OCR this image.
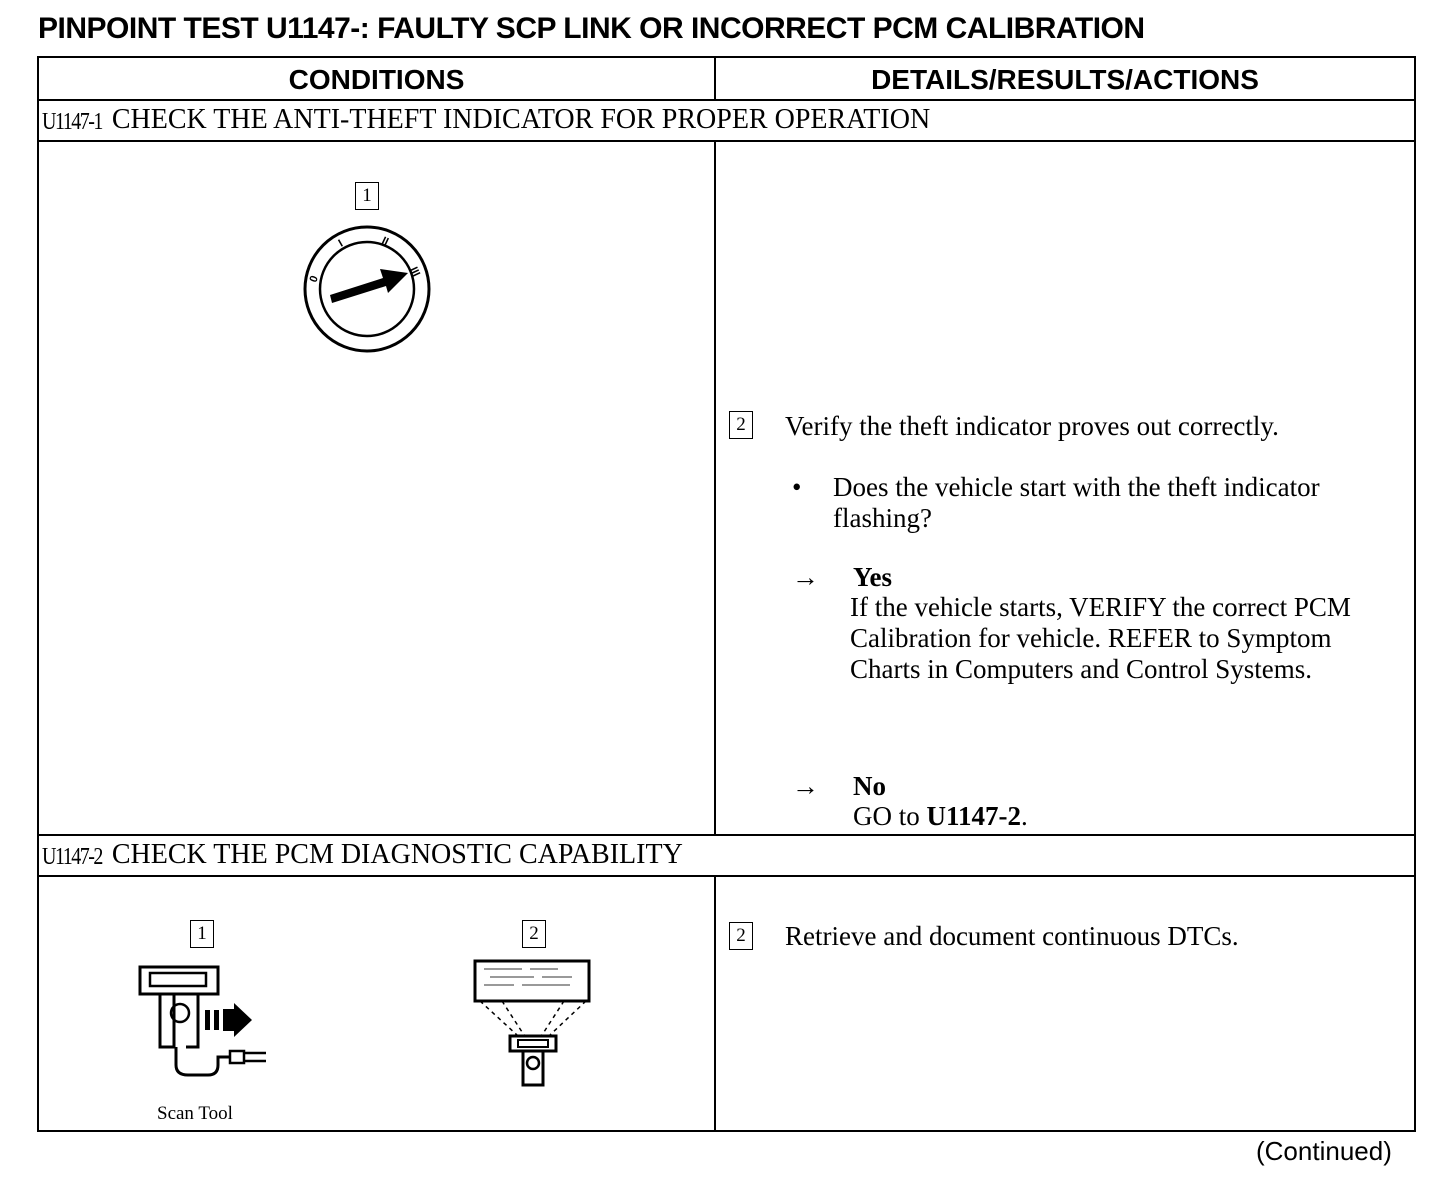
PINPOINT TEST U1147-: FAULTY SCP LINK OR INCORRECT PCM CALIBRATION
CONDITIONS	DETAILS/RESULTS/ACTIONS
U1147-1 CHECK THE ANTI-THEFT INDICATOR FOR PROPER OPERATION
1
0
I	II
III
2 Verify the theft indicator proves out correctly.
• Does the vehicle start with the theft indicator flashing?
→ Yes
If the vehicle starts, VERIFY the correct PCM Calibration for vehicle. REFER to Symptom Charts in Computers and Control Systems.
→ No
GO to U1147-2.
U1147-2 CHECK THE PCM DIAGNOSTIC CAPABILITY
1
Scan Tool
2	2 Retrieve and document continuous DTCs.
(Continued)
